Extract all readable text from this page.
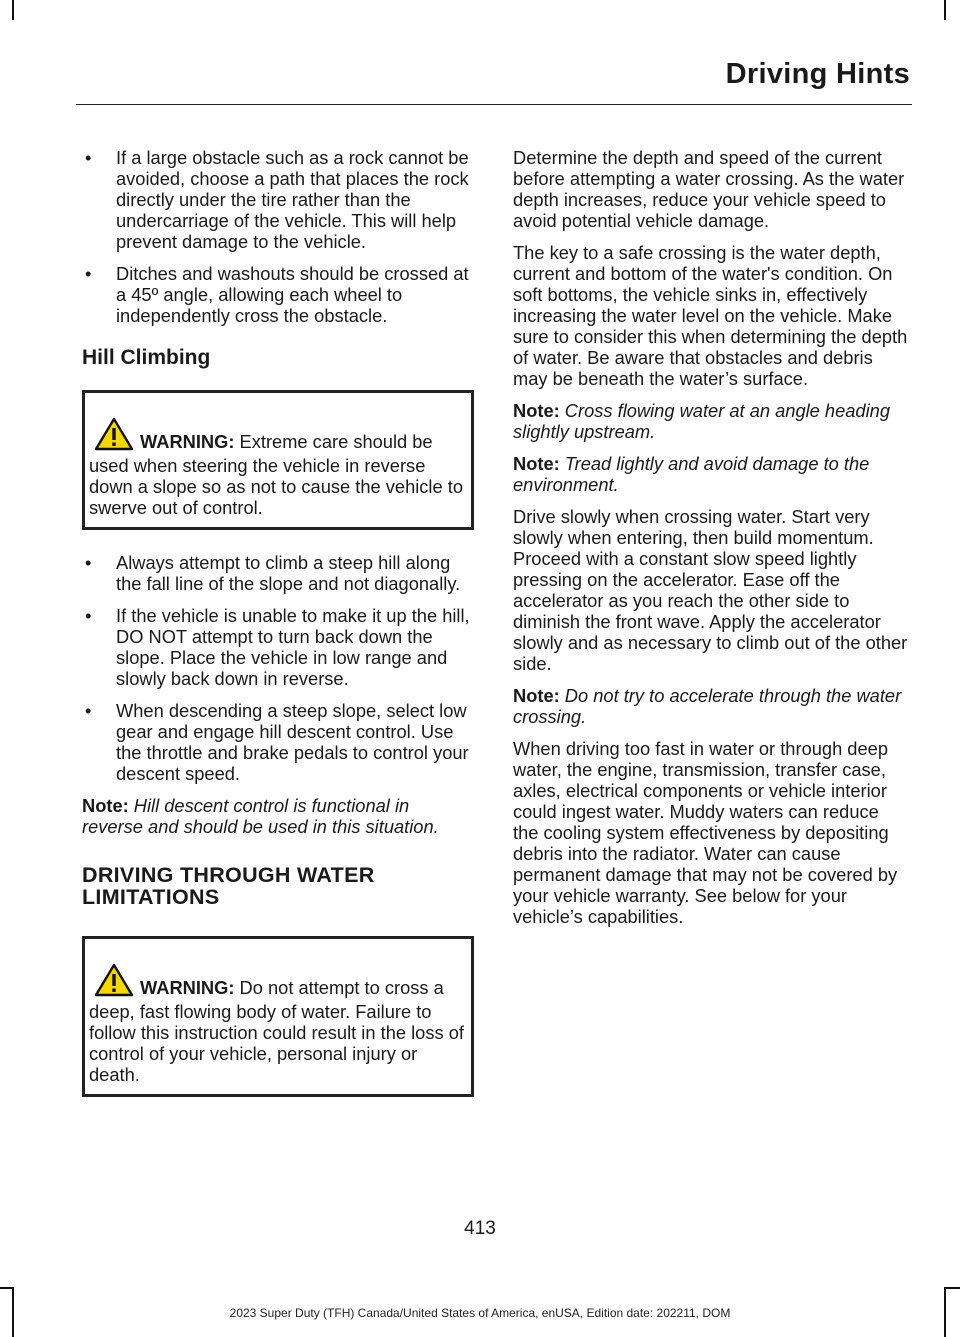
Driving Hints
• If a large obstacle such as a rock cannot be avoided, choose a path that places the rock directly under the tire rather than the undercarriage of the vehicle. This will help prevent damage to the vehicle.
• Ditches and washouts should be crossed at a 45º angle, allowing each wheel to independently cross the obstacle.
Hill Climbing
WARNING: Extreme care should be used when steering the vehicle in reverse down a slope so as not to cause the vehicle to swerve out of control.
• Always attempt to climb a steep hill along the fall line of the slope and not diagonally.
• If the vehicle is unable to make it up the hill, DO NOT attempt to turn back down the slope. Place the vehicle in low range and slowly back down in reverse.
• When descending a steep slope, select low gear and engage hill descent control. Use the throttle and brake pedals to control your descent speed.

Note: Hill descent control is functional in reverse and should be used in this situation.

DRIVING THROUGH WATER LIMITATIONS
WARNING: Do not attempt to cross a deep, fast flowing body of water. Failure to follow this instruction could result in the loss of control of your vehicle, personal injury or death.

Determine the depth and speed of the current before attempting a water crossing. As the water depth increases, reduce your vehicle speed to avoid potential vehicle damage.

The key to a safe crossing is the water depth, current and bottom of the water's condition. On soft bottoms, the vehicle sinks in, effectively increasing the water level on the vehicle. Make sure to consider this when determining the depth of water. Be aware that obstacles and debris may be beneath the water’s surface.

Note: Cross flowing water at an angle heading slightly upstream.

Note: Tread lightly and avoid damage to the environment.

Drive slowly when crossing water. Start very slowly when entering, then build momentum. Proceed with a constant slow speed lightly pressing on the accelerator. Ease off the accelerator as you reach the other side to diminish the front wave. Apply the accelerator slowly and as necessary to climb out of the other side.

Note: Do not try to accelerate through the water crossing.

When driving too fast in water or through deep water, the engine, transmission, transfer case, axles, electrical components or vehicle interior could ingest water. Muddy waters can reduce the cooling system effectiveness by depositing debris into the radiator. Water can cause permanent damage that may not be covered by your vehicle warranty. See below for your vehicle’s capabilities.

413
2023 Super Duty (TFH) Canada/United States of America, enUSA, Edition date: 202211, DOM
